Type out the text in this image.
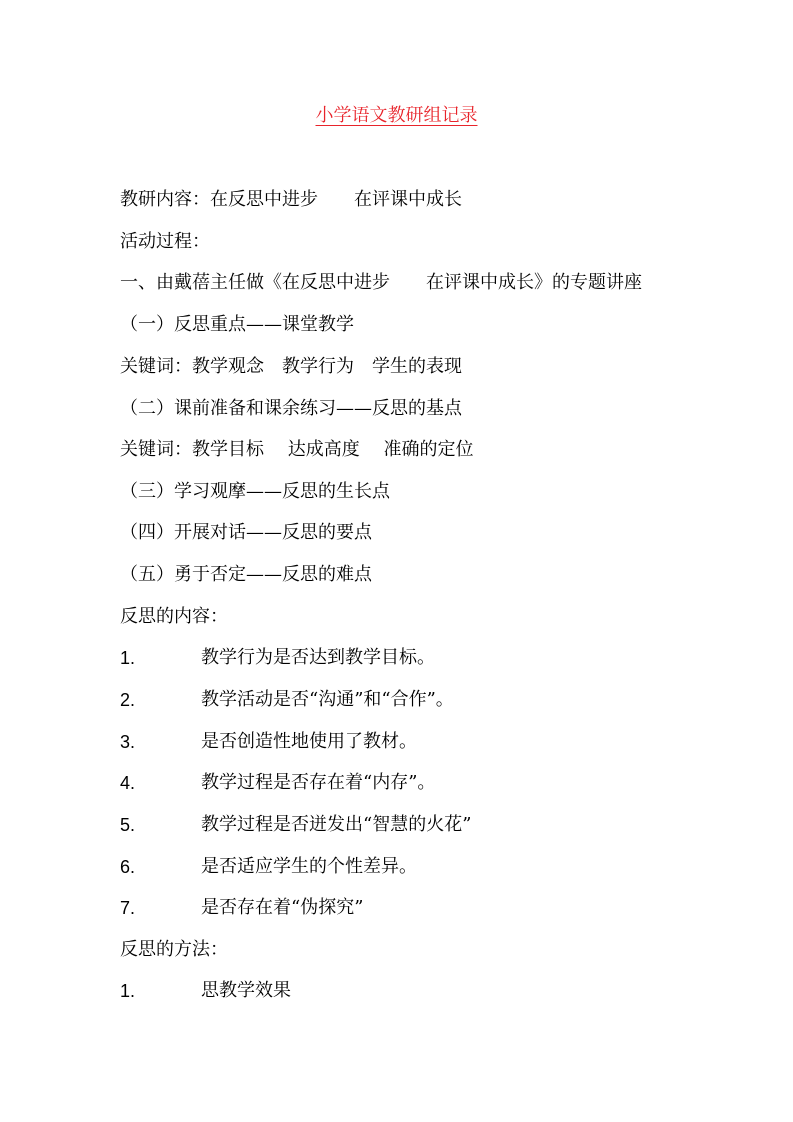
小学语文教研组记录
教研内容：在反思中进步　　在评课中成长
活动过程：
一、由戴蓓主任做《在反思中进步　　在评课中成长》的专题讲座
（一）反思重点——课堂教学
关键词：教学观念　教学行为　学生的表现
（二）课前准备和课余练习——反思的基点
关键词：教学目标　 达成高度　 准确的定位
（三）学习观摩——反思的生长点
（四）开展对话——反思的要点
（五）勇于否定——反思的难点
反思的内容：
1.	教学行为是否达到教学目标。
2.	教学活动是否“沟通”和“合作”。
3.	是否创造性地使用了教材。
4.	教学过程是否存在着“内存”。
5.	教学过程是否迸发出“智慧的火花”
6.	是否适应学生的个性差异。
7.	是否存在着“伪探究”
反思的方法：
1.	思教学效果
